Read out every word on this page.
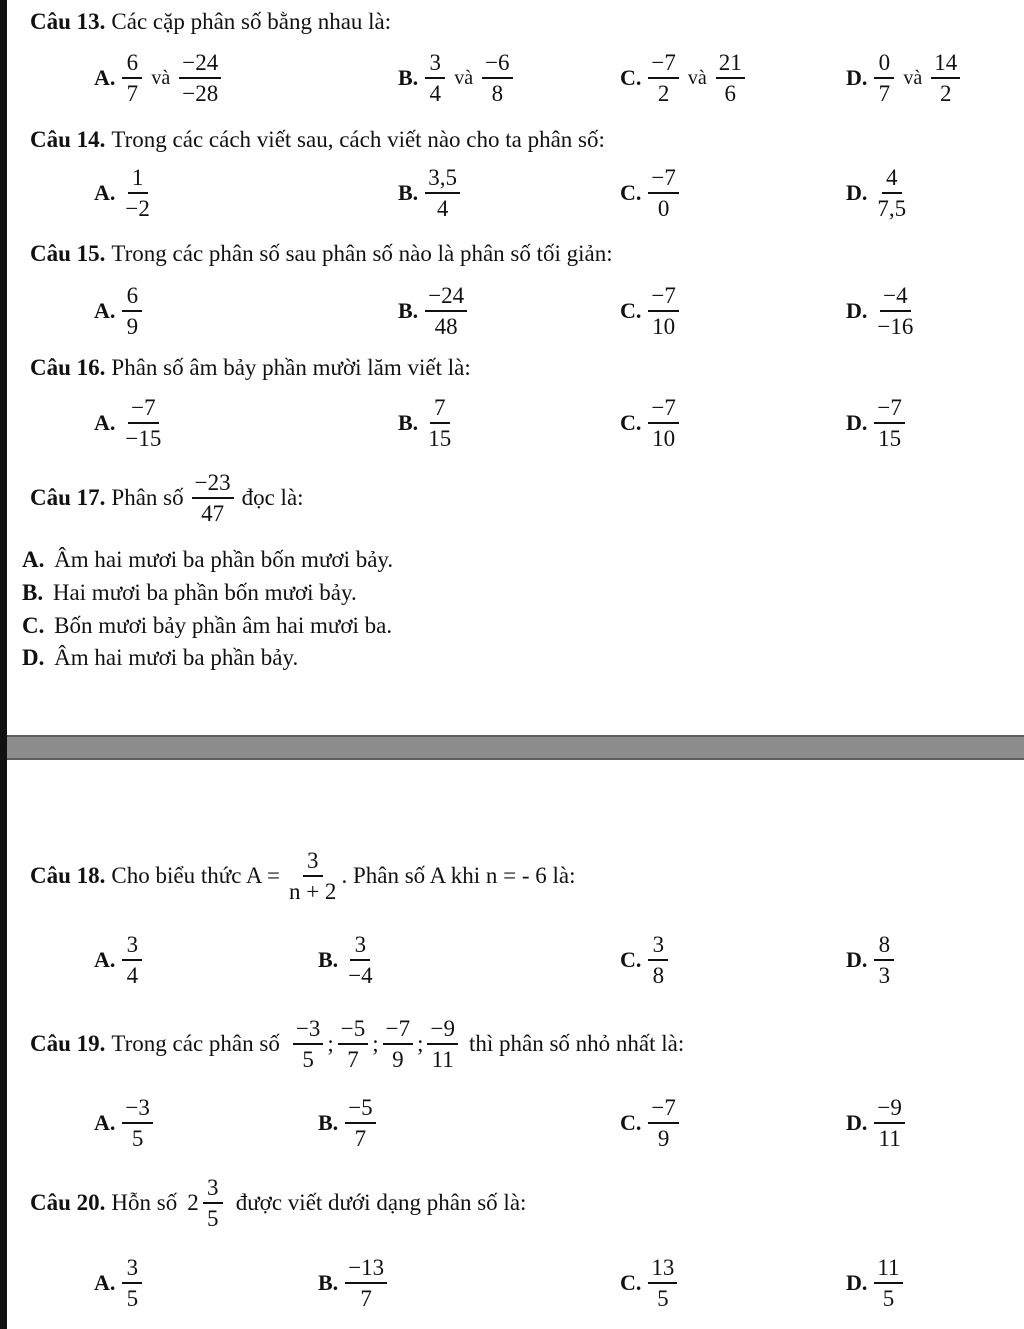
Câu 13. Các cặp phân số bằng nhau là:
A. $\frac{6}{7}$ và $\frac{-24}{-28}$	B. $\frac{3}{4}$ và $\frac{-6}{8}$	C. $\frac{-7}{2}$ và $\frac{21}{6}$	D. $\frac{0}{7}$ và $\frac{14}{2}$
Câu 14. Trong các cách viết sau, cách viết nào cho ta phân số:
A. $\frac{1}{-2}$	B. $\frac{3,5}{4}$	C. $\frac{-7}{0}$	D. $\frac{4}{7,5}$
Câu 15. Trong các phân số sau phân số nào là phân số tối giản:
A. $\frac{6}{9}$	B. $\frac{-24}{48}$	C. $\frac{-7}{10}$	D. $\frac{-4}{-16}$
Câu 16. Phân số âm bảy phần mười lăm viết là:
A. $\frac{-7}{-15}$	B. $\frac{7}{15}$	C. $\frac{-7}{10}$	D. $\frac{-7}{15}$
Câu 17. Phân số $\frac{-23}{47}$ đọc là:
A. Âm hai mươi ba phần bốn mươi bảy.
B. Hai mươi ba phần bốn mươi bảy.
C. Bốn mươi bảy phần âm hai mươi ba.
D. Âm hai mươi ba phần bảy.
Câu 18. Cho biểu thức $A = \frac{3}{n + 2}$ . Phân số A khi n = - 6 là:
A. $\frac{3}{4}$	B. $\frac{3}{-4}$	C. $\frac{3}{8}$	D. $\frac{8}{3}$
Câu 19. Trong các phân số $\frac{-3}{5}$ ; $\frac{-5}{7}$ ; $\frac{-7}{9}$ ; $\frac{-9}{11}$ thì phân số nhỏ nhất là:
A. $\frac{-3}{5}$	B. $\frac{-5}{7}$	C. $\frac{-7}{9}$	D. $\frac{-9}{11}$
Câu 20. Hỗn số $2 \frac{3}{5}$ được viết dưới dạng phân số là:
A. $\frac{3}{5}$	B. $\frac{-13}{7}$	C. $\frac{13}{5}$	D. $\frac{11}{5}$
